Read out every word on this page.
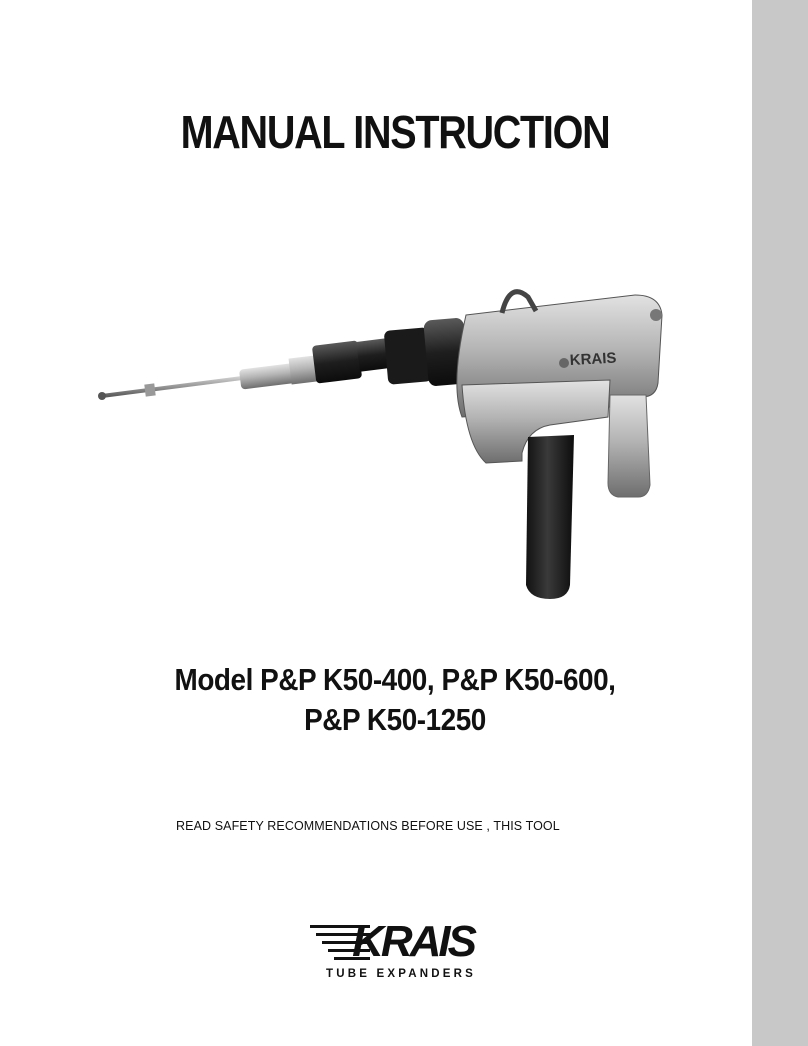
MANUAL INSTRUCTION
KRAIS
Model P&P K50-400, P&P K50-600,
P&P K50-1250
READ SAFETY RECOMMENDATIONS BEFORE USE , THIS TOOL
KRAIS
TUBE EXPANDERS
